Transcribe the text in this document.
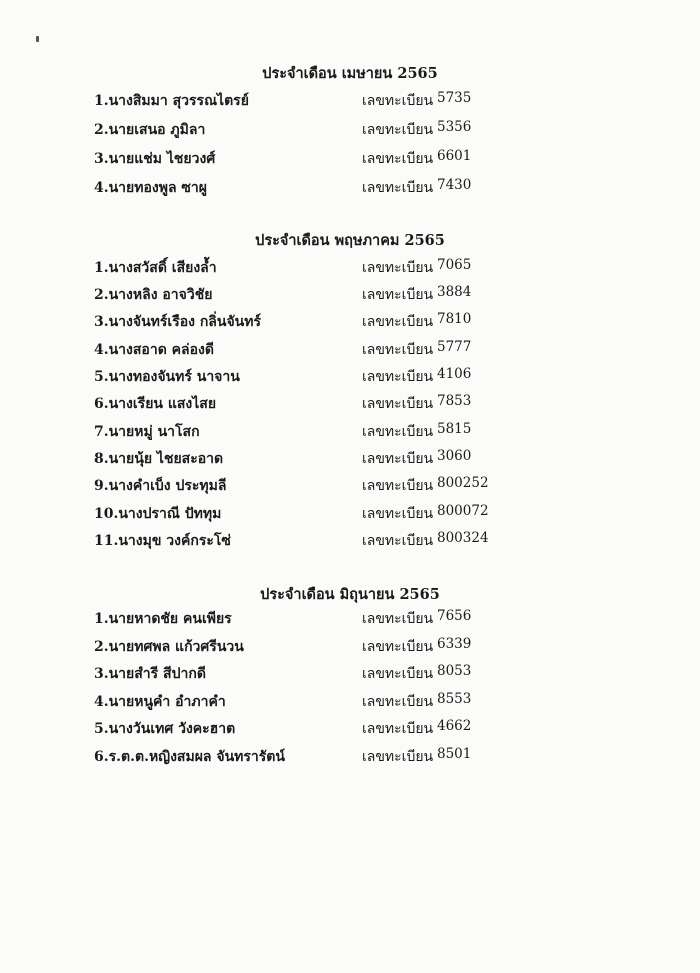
ประจำเดือน เมษายน 2565
1.นางสิมมา สุวรรณไตรย์	เลขทะเบียน 5735
2.นายเสนอ ภูมิลา	เลขทะเบียน 5356
3.นายแช่ม ไชยวงศ์	เลขทะเบียน 6601
4.นายทองพูล ซาผู	เลขทะเบียน 7430
ประจำเดือน พฤษภาคม 2565
1.นางสวัสดิ์ เสียงล้ำ	เลขทะเบียน 7065
2.นางหลิง อาจวิชัย	เลขทะเบียน 3884
3.นางจันทร์เรือง กลิ่นจันทร์	เลขทะเบียน 7810
4.นางสอาด คล่องดี	เลขทะเบียน 5777
5.นางทองจันทร์ นาจาน	เลขทะเบียน 4106
6.นางเรียน แสงไสย	เลขทะเบียน 7853
7.นายหมู่ นาโสก	เลขทะเบียน 5815
8.นายนุ้ย ไชยสะอาด	เลขทะเบียน 3060
9.นางคำเบ็ง ประทุมลี	เลขทะเบียน 800252
10.นางปราณี ปัททุม	เลขทะเบียน 800072
11.นางมุข วงค์กระโซ่	เลขทะเบียน 800324
ประจำเดือน มิถุนายน 2565
1.นายหาดชัย คนเพียร	เลขทะเบียน 7656
2.นายทศพล แก้วศรีนวน	เลขทะเบียน 6339
3.นายสำรี สีปากดี	เลขทะเบียน 8053
4.นายหนูคำ อำภาคำ	เลขทะเบียน 8553
5.นางวันเทศ วังคะฮาต	เลขทะเบียน 4662
6.ร.ต.ต.หญิงสมผล จันทรารัตน์	เลขทะเบียน 8501
